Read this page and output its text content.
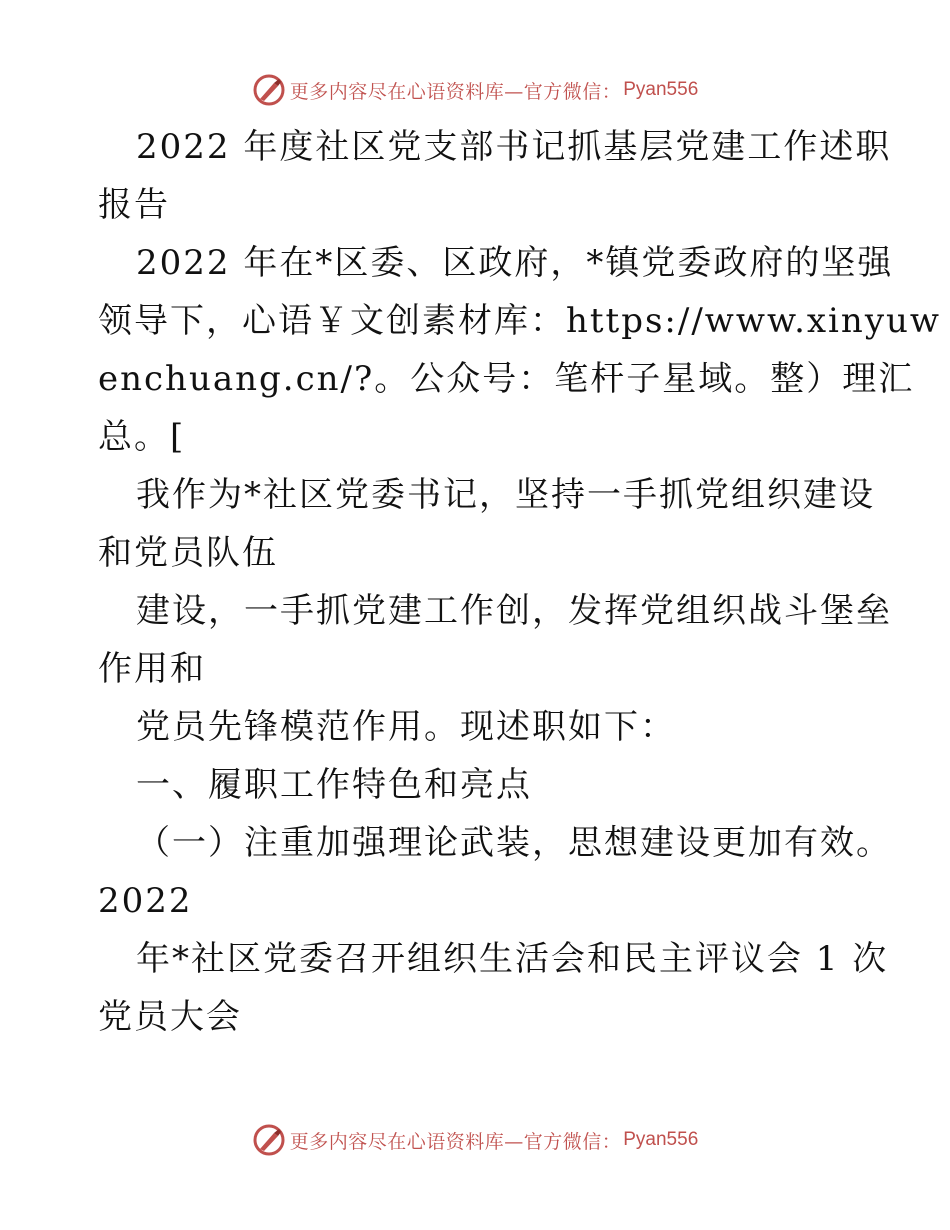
更多内容尽在心语资料库—官方微信： Pyan556
2022 年度社区党支部书记抓基层党建工作述职
报告
2022 年在*区委、区政府，*镇党委政府的坚强
领导下，心语￥文创素材库：https://www.xinyuw
enchuang.cn/?。公众号：笔杆子星域。整）理汇
总。[
我作为*社区党委书记，坚持一手抓党组织建设
和党员队伍
建设，一手抓党建工作创，发挥党组织战斗堡垒
作用和
党员先锋模范作用。现述职如下：
一、履职工作特色和亮点
（一）注重加强理论武装，思想建设更加有效。
2022
年*社区党委召开组织生活会和民主评议会 1 次
党员大会
更多内容尽在心语资料库—官方微信： Pyan556
